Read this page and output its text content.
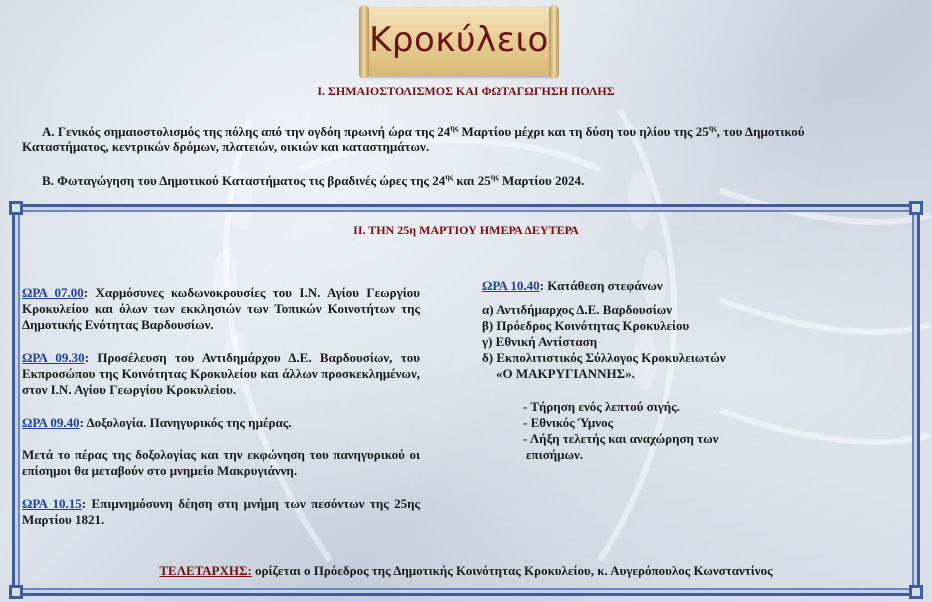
Κροκύλειο
Ι. ΣΗΜΑΙΟΣΤΟΛΙΣΜΟΣ ΚΑΙ ΦΩΤΑΓΩΓΗΣΗ ΠΟΛΗΣ
Α. Γενικός σημαιοστολισμός της πόλης από την ογδόη πρωινή ώρα της $24^{\eta\varsigma}$ Μαρτίου μέχρι και τη δύση του ηλίου της $25^{\eta\varsigma}$, του Δημοτικού
Καταστήματος, κεντρικών δρόμων, πλατειών, οικιών και καταστημάτων.
Β. Φωταγώγηση του Δημοτικού Καταστήματος τις βραδινές ώρες της $24^{\eta\varsigma}$ και $25^{\eta\varsigma}$ Μαρτίου 2024.
ΙΙ. ΤΗΝ 25η ΜΑΡΤΙΟΥ ΗΜΕΡΑ ΔΕΥΤΕΡΑ
ΩΡΑ 07.00: Χαρμόσυνες κωδωνοκρουσίες του Ι.Ν. Αγίου Γεωργίου Κροκυλείου και όλων των εκκλησιών των Τοπικών Κοινοτήτων της Δημοτικής Ενότητας Βαρδουσίων.
ΩΡΑ 09.30: Προσέλευση του Αντιδημάρχου Δ.Ε. Βαρδουσίων, του Εκπροσώπου της Κοινότητας Κροκυλείου και άλλων προσκεκλημένων, στον Ι.Ν. Αγίου Γεωργίου Κροκυλείου.
ΩΡΑ 09.40: Δοξολογία. Πανηγυρικός της ημέρας.
Μετά το πέρας της δοξολογίας και την εκφώνηση του πανηγυρικού οι επίσημοι θα μεταβούν στο μνημείο Μακρυγιάννη.
ΩΡΑ 10.15: Επιμνημόσυνη δέηση στη μνήμη των πεσόντων της 25ης Μαρτίου 1821.
ΩΡΑ 10.40: Κατάθεση στεφάνων
α) Αντιδήμαρχος Δ.Ε. Βαρδουσίων
β) Πρόεδρος Κοινότητας Κροκυλείου
γ) Εθνική Αντίσταση
δ) Εκπολιτιστικός Σύλλογος Κροκυλειωτών
«Ο ΜΑΚΡΥΓΙΑΝΝΗΣ».
- Τήρηση ενός λεπτού σιγής.
- Εθνικός Ύμνος
- Λήξη τελετής και αναχώρηση των
επισήμων.
ΤΕΛΕΤΑΡΧΗΣ: ορίζεται ο Πρόεδρος της Δημοτικής Κοινότητας Κροκυλείου, κ. Αυγερόπουλος Κωνσταντίνος
